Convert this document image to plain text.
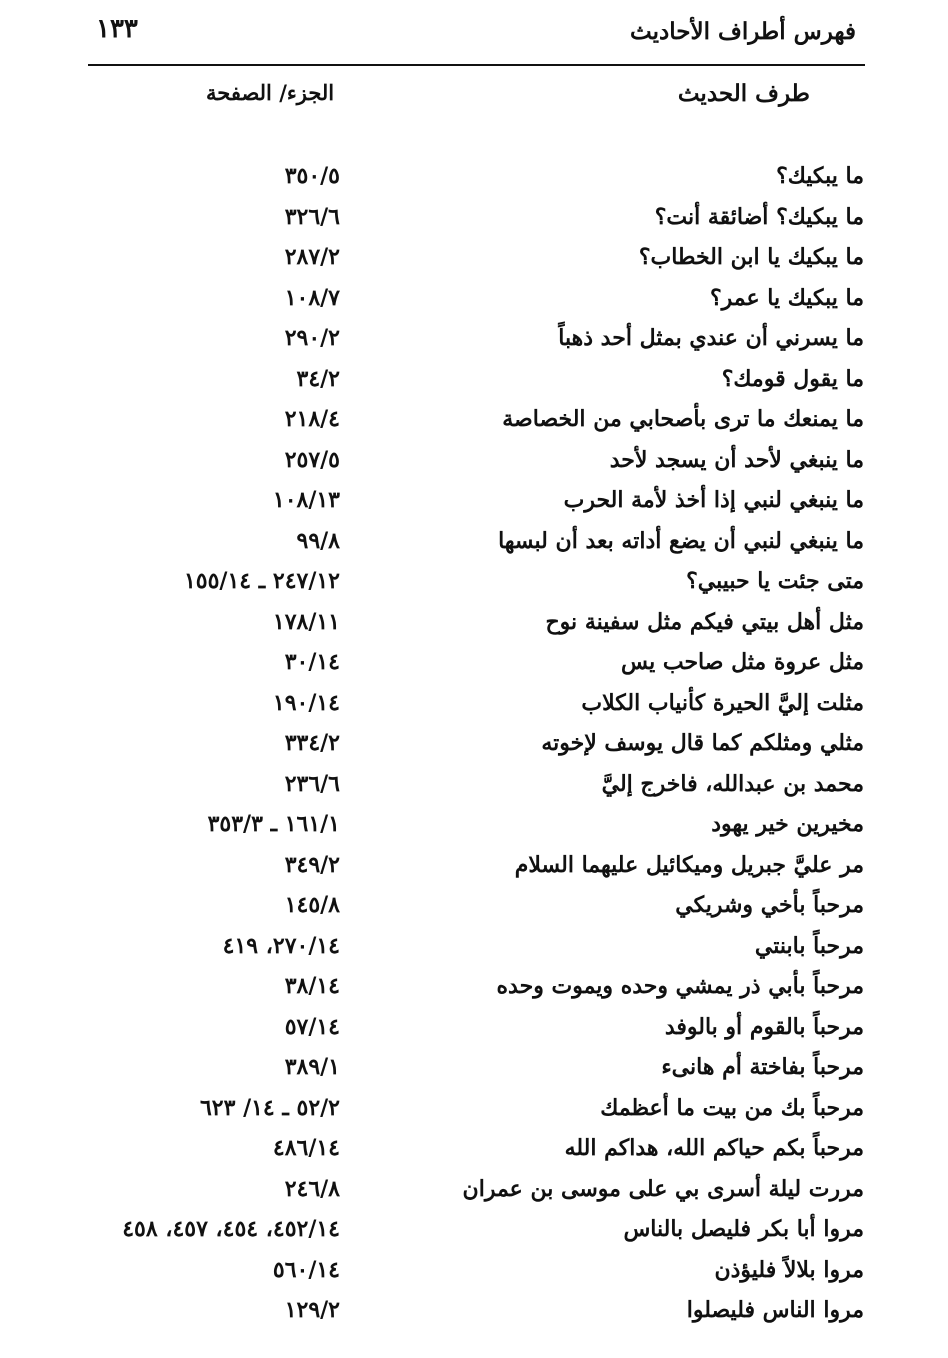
فهرس أطراف الأحاديث
١٣٣
طرف الحديث
الجزء/ الصفحة
ما يبكيك؟
٣٥٠/٥
ما يبكيك؟ أضائقة أنت؟
٣٢٦/٦
ما يبكيك يا ابن الخطاب؟
٢٨٧/٢
ما يبكيك يا عمر؟
١٠٨/٧
ما يسرني أن عندي بمثل أحد ذهباً
٢٩٠/٢
ما يقول قومك؟
٣٤/٢
ما يمنعك ما ترى بأصحابي من الخصاصة
٢١٨/٤
ما ينبغي لأحد أن يسجد لأحد
٢٥٧/٥
ما ينبغي لنبي إذا أخذ لأمة الحرب
١٠٨/١٣
ما ينبغي لنبي أن يضع أداته بعد أن لبسها
٩٩/٨
متى جئت يا حبيبي؟
٢٤٧/١٢ ـ ١٥٥/١٤
مثل أهل بيتي فيكم مثل سفينة نوح
١٧٨/١١
مثل عروة مثل صاحب يس
٣٠/١٤
مثلت إليَّ الحيرة كأنياب الكلاب
١٩٠/١٤
مثلي ومثلكم كما قال يوسف لإخوته
٣٣٤/٢
محمد بن عبدالله، فاخرج إليَّ
٢٣٦/٦
مخيرين خير يهود
١٦١/١ ـ ٣٥٣/٣
مر عليَّ جبريل وميكائيل عليهما السلام
٣٤٩/٢
مرحباً بأخي وشريكي
١٤٥/٨
مرحباً بابنتي
٢٧٠/١٤، ٤١٩
مرحباً بأبي ذر يمشي وحده ويموت وحده
٣٨/١٤
مرحباً بالقوم أو بالوفد
٥٧/١٤
مرحباً بفاختة أم هانىء
٣٨٩/١
مرحباً بك من بيت ما أعظمك
٥٢/٢ ـ ١٤/ ٦٢٣
مرحباً بكم حياكم الله، هداكم الله
٤٨٦/١٤
مررت ليلة أسرى بي على موسى بن عمران
٢٤٦/٨
مروا أبا بكر فليصل بالناس
٤٥٢/١٤، ٤٥٤، ٤٥٧، ٤٥٨
مروا بلالاً فليؤذن
٥٦٠/١٤
مروا الناس فليصلوا
١٢٩/٢
